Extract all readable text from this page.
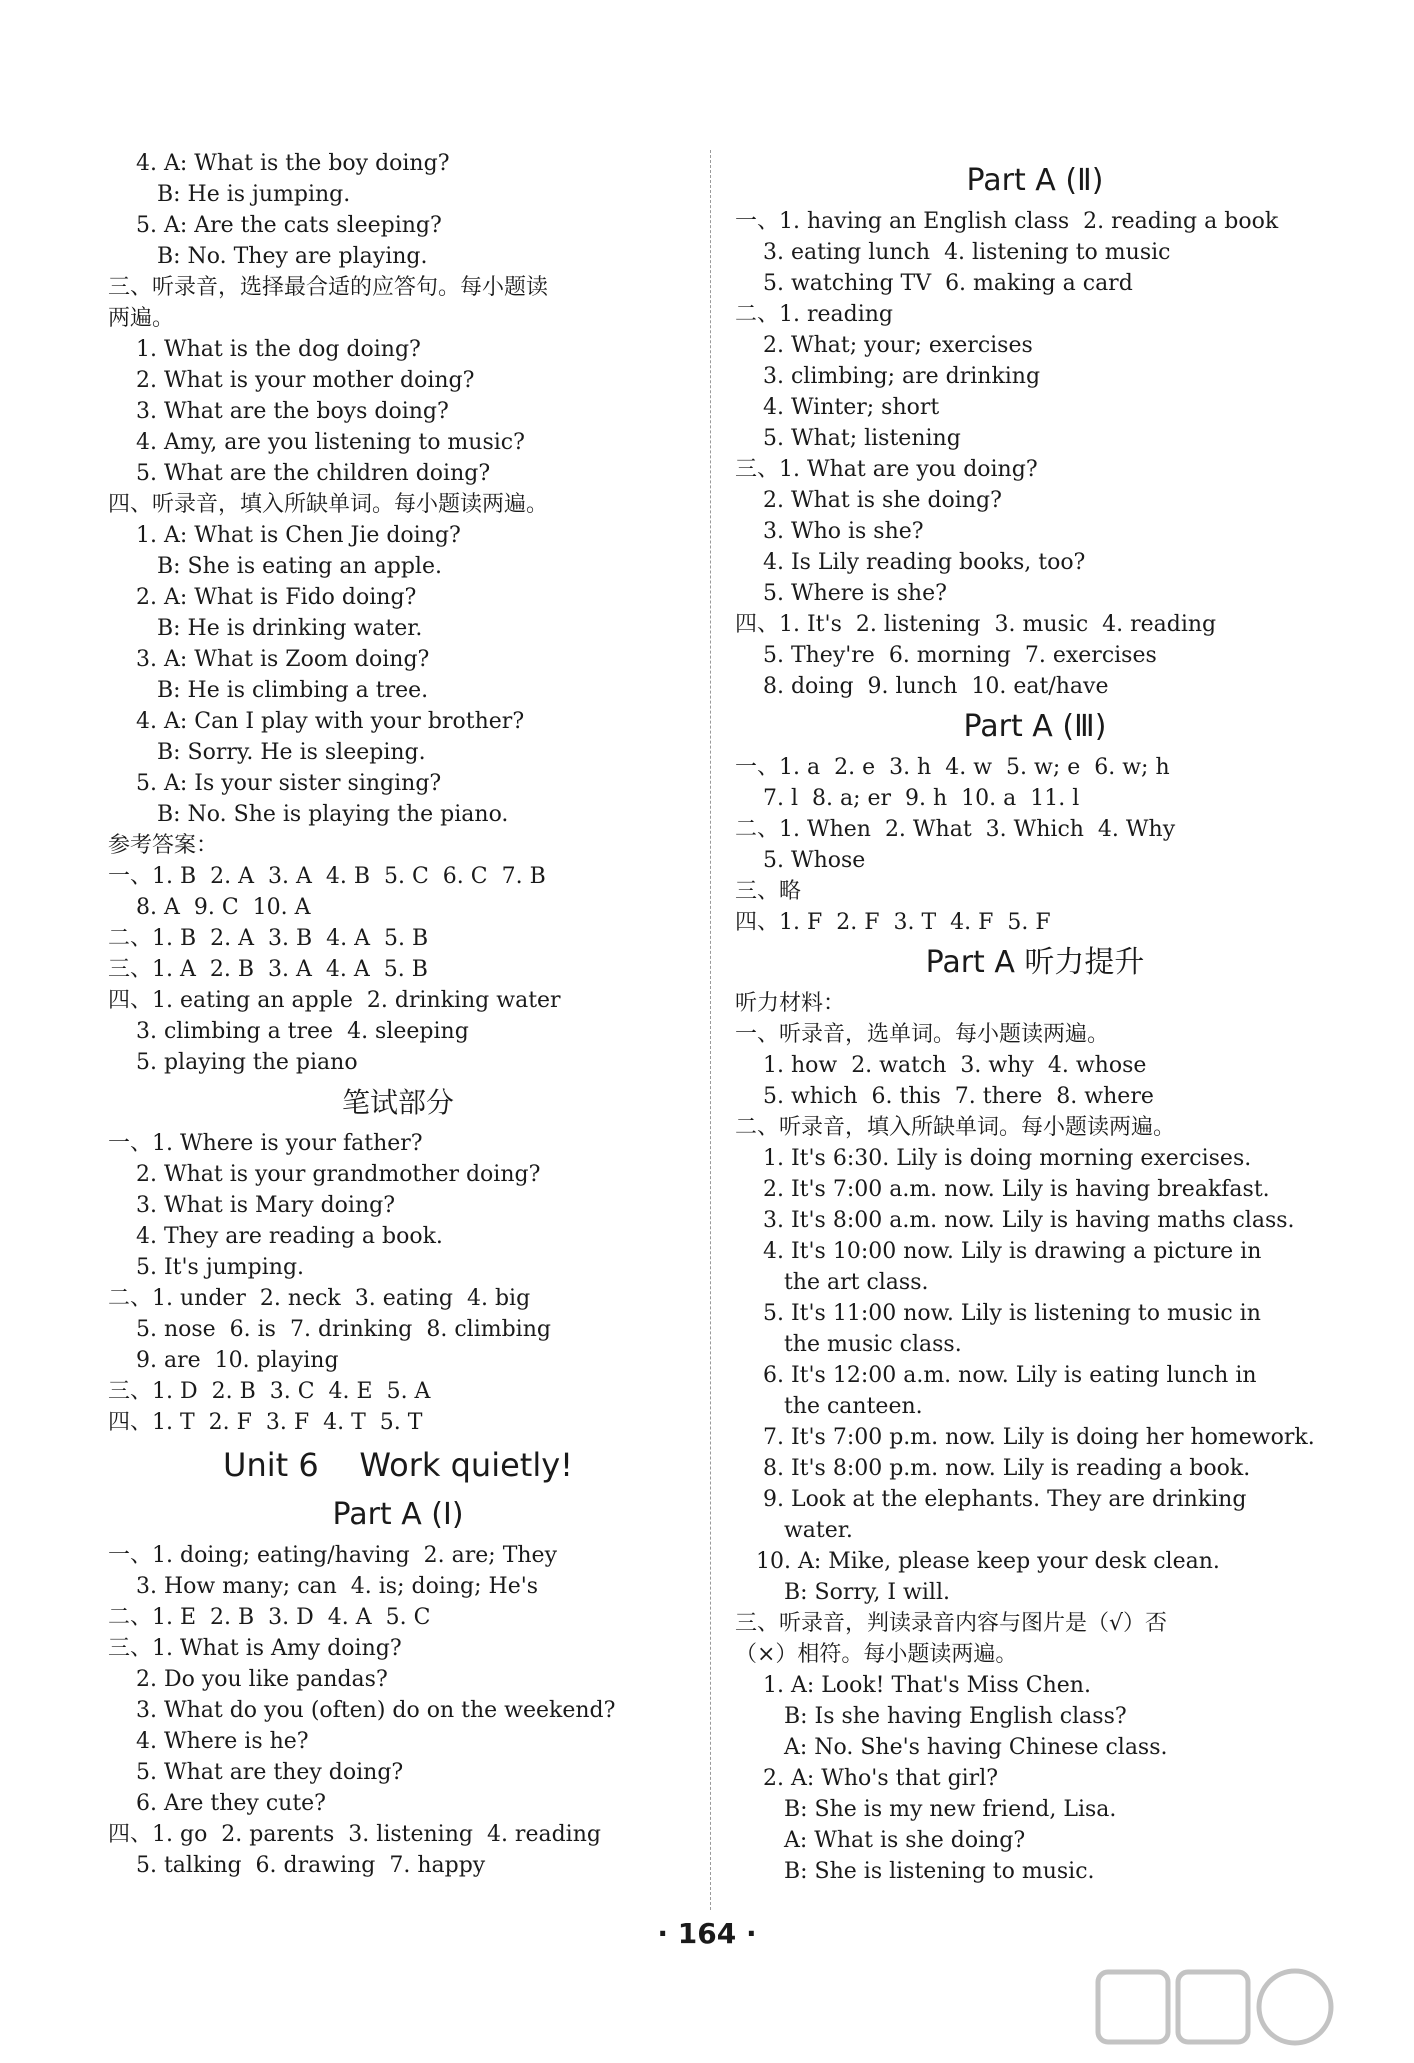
4. A: What is the boy doing?
B: He is jumping.
5. A: Are the cats sleeping?
B: No. They are playing.
三、听录音，选择最合适的应答句。每小题读
两遍。
1. What is the dog doing?
2. What is your mother doing?
3. What are the boys doing?
4. Amy, are you listening to music?
5. What are the children doing?
四、听录音，填入所缺单词。每小题读两遍。
1. A: What is Chen Jie doing?
B: She is eating an apple.
2. A: What is Fido doing?
B: He is drinking water.
3. A: What is Zoom doing?
B: He is climbing a tree.
4. A: Can I play with your brother?
B: Sorry. He is sleeping.
5. A: Is your sister singing?
B: No. She is playing the piano.
参考答案：
一、1. B  2. A  3. A  4. B  5. C  6. C  7. B
8. A  9. C  10. A
二、1. B  2. A  3. B  4. A  5. B
三、1. A  2. B  3. A  4. A  5. B
四、1. eating an apple  2. drinking water
3. climbing a tree  4. sleeping
5. playing the piano
笔试部分
一、1. Where is your father?
2. What is your grandmother doing?
3. What is Mary doing?
4. They are reading a book.
5. It's jumping.
二、1. under  2. neck  3. eating  4. big
5. nose  6. is  7. drinking  8. climbing
9. are  10. playing
三、1. D  2. B  3. C  4. E  5. A
四、1. T  2. F  3. F  4. T  5. T
Unit 6    Work quietly!
Part A (Ⅰ)
一、1. doing; eating/having  2. are; They
3. How many; can  4. is; doing; He's
二、1. E  2. B  3. D  4. A  5. C
三、1. What is Amy doing?
2. Do you like pandas?
3. What do you (often) do on the weekend?
4. Where is he?
5. What are they doing?
6. Are they cute?
四、1. go  2. parents  3. listening  4. reading
5. talking  6. drawing  7. happy
Part A (Ⅱ)
一、1. having an English class  2. reading a book
3. eating lunch  4. listening to music
5. watching TV  6. making a card
二、1. reading
2. What; your; exercises
3. climbing; are drinking
4. Winter; short
5. What; listening
三、1. What are you doing?
2. What is she doing?
3. Who is she?
4. Is Lily reading books, too?
5. Where is she?
四、1. It's  2. listening  3. music  4. reading
5. They're  6. morning  7. exercises
8. doing  9. lunch  10. eat/have
Part A (Ⅲ)
一、1. a  2. e  3. h  4. w  5. w; e  6. w; h
7. l  8. a; er  9. h  10. a  11. l
二、1. When  2. What  3. Which  4. Why
5. Whose
三、略
四、1. F  2. F  3. T  4. F  5. F
Part A 听力提升
听力材料：
一、听录音，选单词。每小题读两遍。
1. how  2. watch  3. why  4. whose
5. which  6. this  7. there  8. where
二、听录音，填入所缺单词。每小题读两遍。
1. It's 6:30. Lily is doing morning exercises.
2. It's 7:00 a.m. now. Lily is having breakfast.
3. It's 8:00 a.m. now. Lily is having maths class.
4. It's 10:00 now. Lily is drawing a picture in
the art class.
5. It's 11:00 now. Lily is listening to music in
the music class.
6. It's 12:00 a.m. now. Lily is eating lunch in
the canteen.
7. It's 7:00 p.m. now. Lily is doing her homework.
8. It's 8:00 p.m. now. Lily is reading a book.
9. Look at the elephants. They are drinking
water.
10. A: Mike, please keep your desk clean.
B: Sorry, I will.
三、听录音，判读录音内容与图片是（√）否
（×）相符。每小题读两遍。
1. A: Look! That's Miss Chen.
B: Is she having English class?
A: No. She's having Chinese class.
2. A: Who's that girl?
B: She is my new friend, Lisa.
A: What is she doing?
B: She is listening to music.
· 164 ·
